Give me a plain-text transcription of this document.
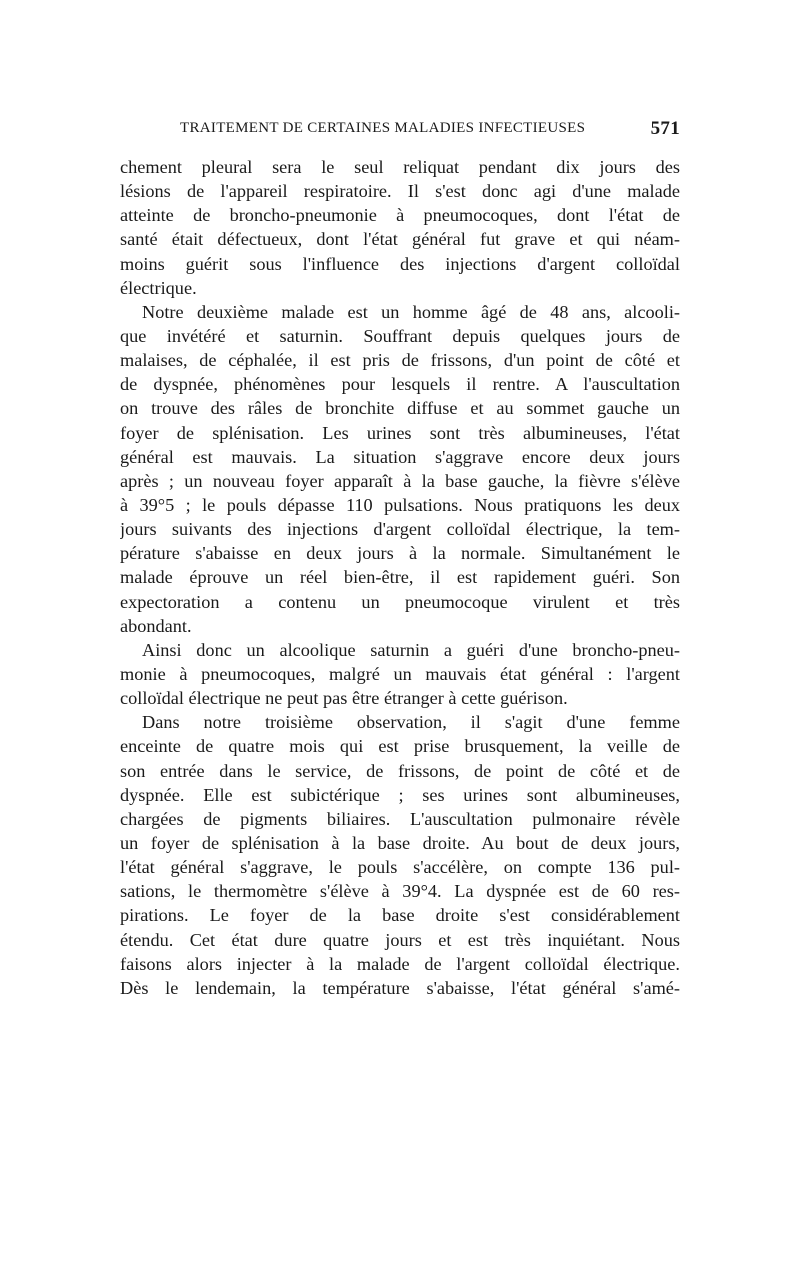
TRAITEMENT DE CERTAINES MALADIES INFECTIEUSES	571
chement pleural sera le seul reliquat pendant dix jours des
lésions de l'appareil respiratoire. Il s'est donc agi d'une malade
atteinte de broncho-pneumonie à pneumocoques, dont l'état de
santé était défectueux, dont l'état général fut grave et qui néam-
moins guérit sous l'influence des injections d'argent colloïdal
électrique.
Notre deuxième malade est un homme âgé de 48 ans, alcooli-
que invétéré et saturnin. Souffrant depuis quelques jours de
malaises, de céphalée, il est pris de frissons, d'un point de côté et
de dyspnée, phénomènes pour lesquels il rentre. A l'auscultation
on trouve des râles de bronchite diffuse et au sommet gauche un
foyer de splénisation. Les urines sont très albumineuses, l'état
général est mauvais. La situation s'aggrave encore deux jours
après ; un nouveau foyer apparaît à la base gauche, la fièvre s'élève
à 39°5 ; le pouls dépasse 110 pulsations. Nous pratiquons les deux
jours suivants des injections d'argent colloïdal électrique, la tem-
pérature s'abaisse en deux jours à la normale. Simultanément le
malade éprouve un réel bien-être, il est rapidement guéri. Son
expectoration a contenu un pneumocoque virulent et très
abondant.
Ainsi donc un alcoolique saturnin a guéri d'une broncho-pneu-
monie à pneumocoques, malgré un mauvais état général : l'argent
colloïdal électrique ne peut pas être étranger à cette guérison.
Dans notre troisième observation, il s'agit d'une femme
enceinte de quatre mois qui est prise brusquement, la veille de
son entrée dans le service, de frissons, de point de côté et de
dyspnée. Elle est subictérique ; ses urines sont albumineuses,
chargées de pigments biliaires. L'auscultation pulmonaire révèle
un foyer de splénisation à la base droite. Au bout de deux jours,
l'état général s'aggrave, le pouls s'accélère, on compte 136 pul-
sations, le thermomètre s'élève à 39°4. La dyspnée est de 60 res-
pirations. Le foyer de la base droite s'est considérablement
étendu. Cet état dure quatre jours et est très inquiétant. Nous
faisons alors injecter à la malade de l'argent colloïdal électrique.
Dès le lendemain, la température s'abaisse, l'état général s'amé-
